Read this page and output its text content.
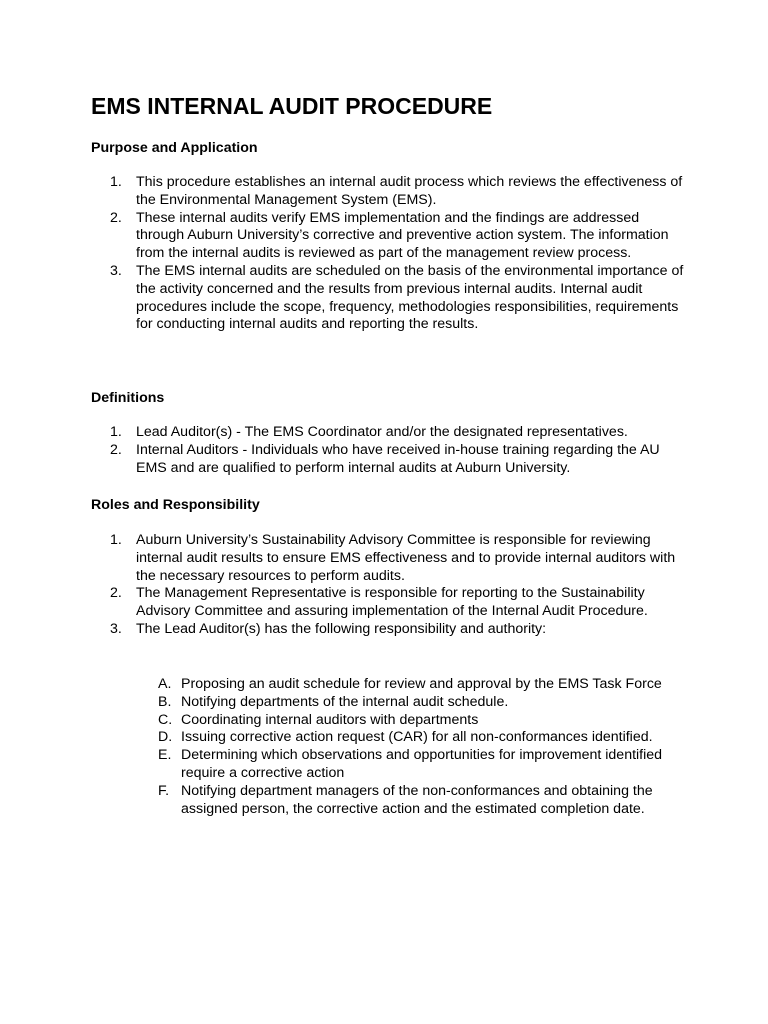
EMS INTERNAL AUDIT PROCEDURE
Purpose and Application
1. This procedure establishes an internal audit process which reviews the effectiveness of the Environmental Management System (EMS).
2. These internal audits verify EMS implementation and the findings are addressed through Auburn University’s corrective and preventive action system. The information from the internal audits is reviewed as part of the management review process.
3. The EMS internal audits are scheduled on the basis of the environmental importance of the activity concerned and the results from previous internal audits. Internal audit procedures include the scope, frequency, methodologies responsibilities, requirements for conducting internal audits and reporting the results.
Definitions
1. Lead Auditor(s) - The EMS Coordinator and/or the designated representatives.
2. Internal Auditors - Individuals who have received in-house training regarding the AU EMS and are qualified to perform internal audits at Auburn University.
Roles and Responsibility
1. Auburn University’s Sustainability Advisory Committee is responsible for reviewing internal audit results to ensure EMS effectiveness and to provide internal auditors with the necessary resources to perform audits.
2. The Management Representative is responsible for reporting to the Sustainability Advisory Committee and assuring implementation of the Internal Audit Procedure.
3. The Lead Auditor(s) has the following responsibility and authority:
A. Proposing an audit schedule for review and approval by the EMS Task Force
B. Notifying departments of the internal audit schedule.
C. Coordinating internal auditors with departments
D. Issuing corrective action request (CAR) for all non-conformances identified.
E. Determining which observations and opportunities for improvement identified require a corrective action
F. Notifying department managers of the non-conformances and obtaining the assigned person, the corrective action and the estimated completion date.
